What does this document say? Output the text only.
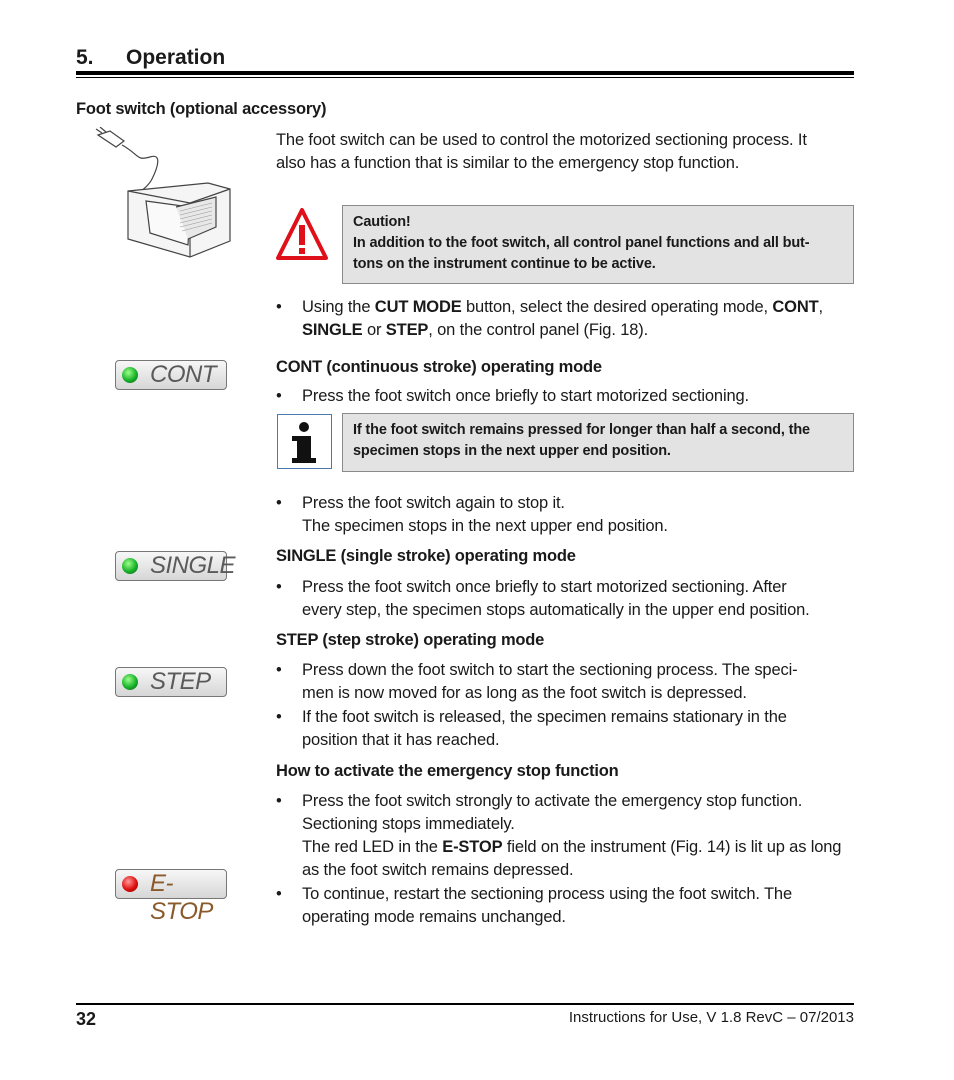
5. Operation
Foot switch (optional accessory)
The foot switch can be used to control the motorized sectioning process. It
also has a function that is similar to the emergency stop function.
Caution!
In addition to the foot switch, all control panel functions and all but-
tons on the instrument continue to be active.
• Using the CUT MODE button, select the desired operating mode, CONT,
SINGLE or STEP, on the control panel (Fig. 18).
CONT	CONT (continuous stroke) operating mode
• Press the foot switch once briefly to start motorized sectioning.
If the foot switch remains pressed for longer than half a second, the
specimen stops in the next upper end position.
• Press the foot switch again to stop it.
The specimen stops in the next upper end position.
SINGLE SINGLE (single stroke) operating mode
• Press the foot switch once briefly to start motorized sectioning. After
every step, the specimen stops automatically in the upper end position.
STEP (step stroke) operating mode
STEP	• Press down the foot switch to start the sectioning process. The speci-
men is now moved for as long as the foot switch is depressed.
• If the foot switch is released, the specimen remains stationary in the
position that it has reached.
How to activate the emergency stop function
• Press the foot switch strongly to activate the emergency stop function.
Sectioning stops immediately.
The red LED in the E-STOP field on the instrument (Fig. 14) is lit up as long
as the foot switch remains depressed.
E-STOP
• To continue, restart the sectioning process using the foot switch. The
operating mode remains unchanged.
32	Instructions for Use, V 1.8 RevC – 07/2013
